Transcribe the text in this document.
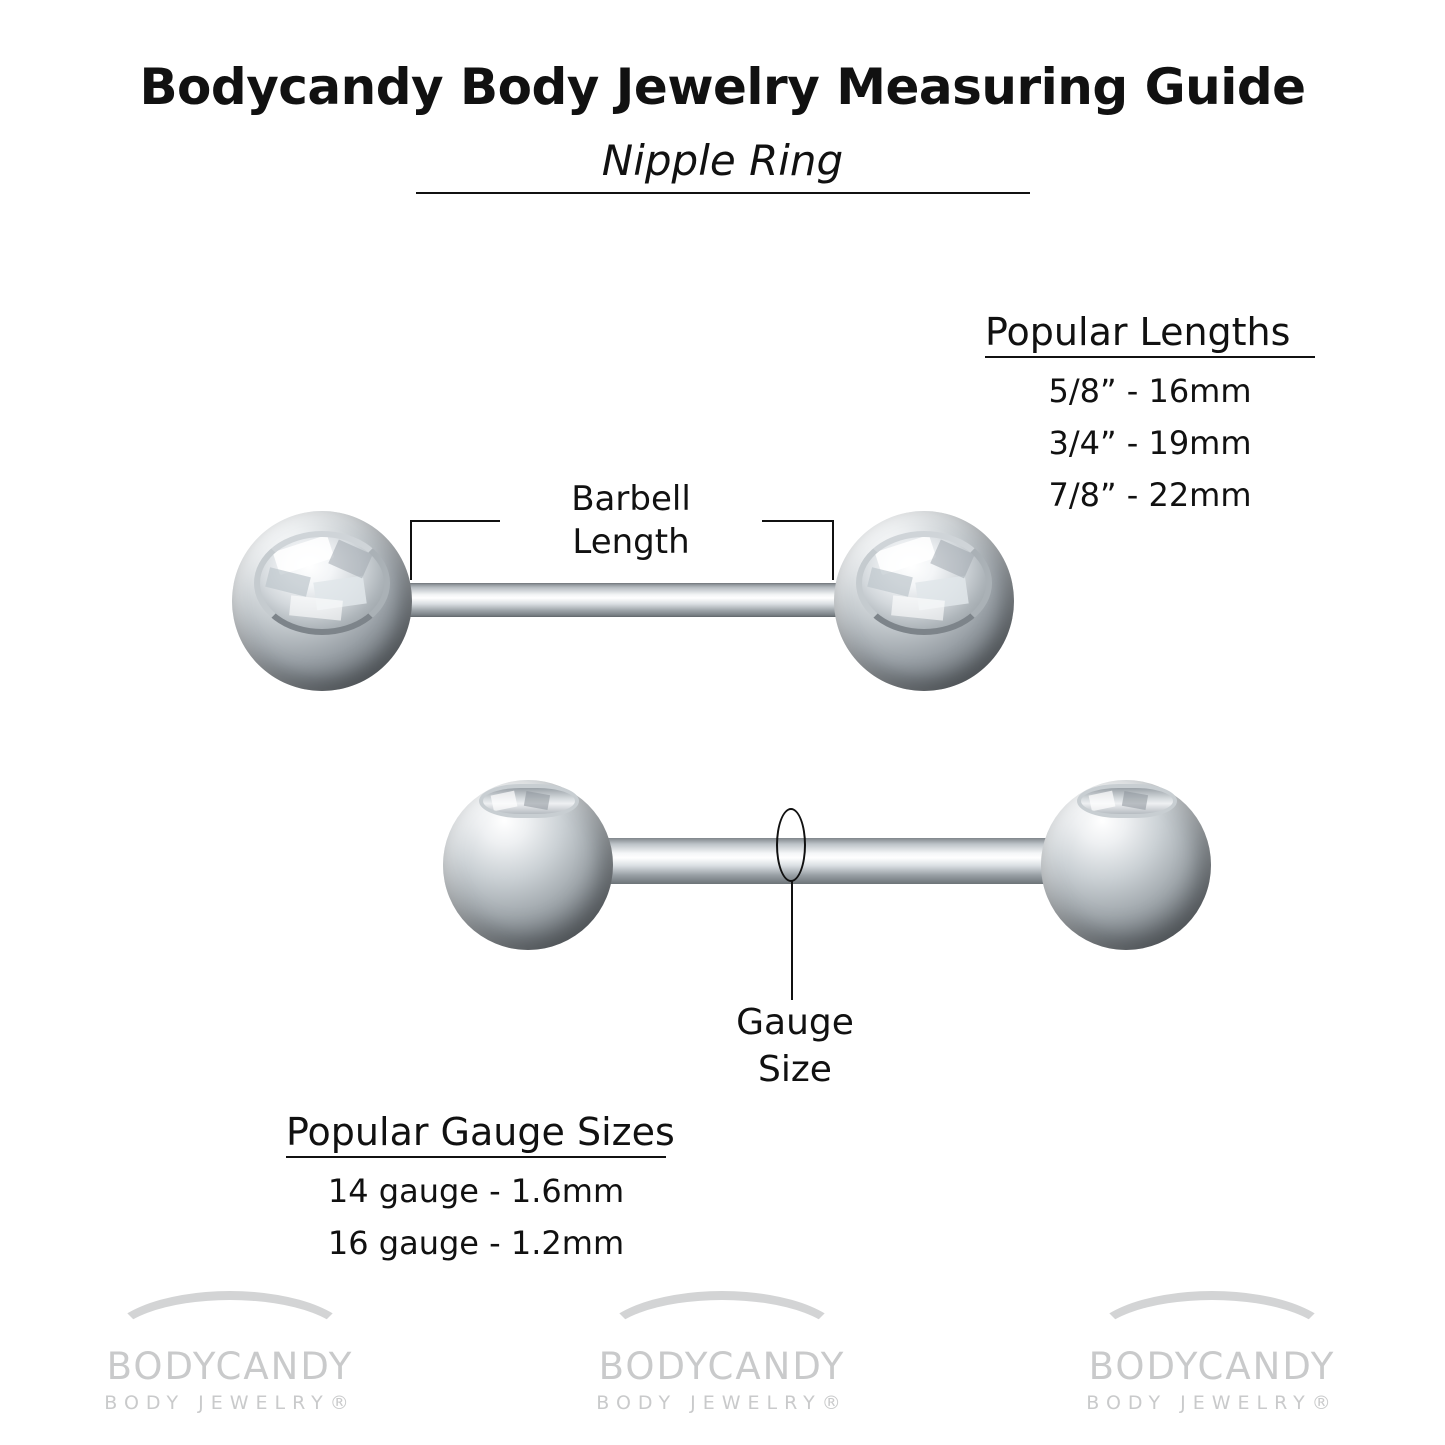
Bodycandy Body Jewelry Measuring Guide
Nipple Ring
Popular Lengths
5/8” - 16mm
3/4” - 19mm
7/8” - 22mm
Barbell
Length
Gauge
Size
Popular Gauge Sizes
14 gauge - 1.6mm
16 gauge - 1.2mm
BODYCANDY
BODY JEWELRY®
BODYCANDY
BODY JEWELRY®
BODYCANDY
BODY JEWELRY®
